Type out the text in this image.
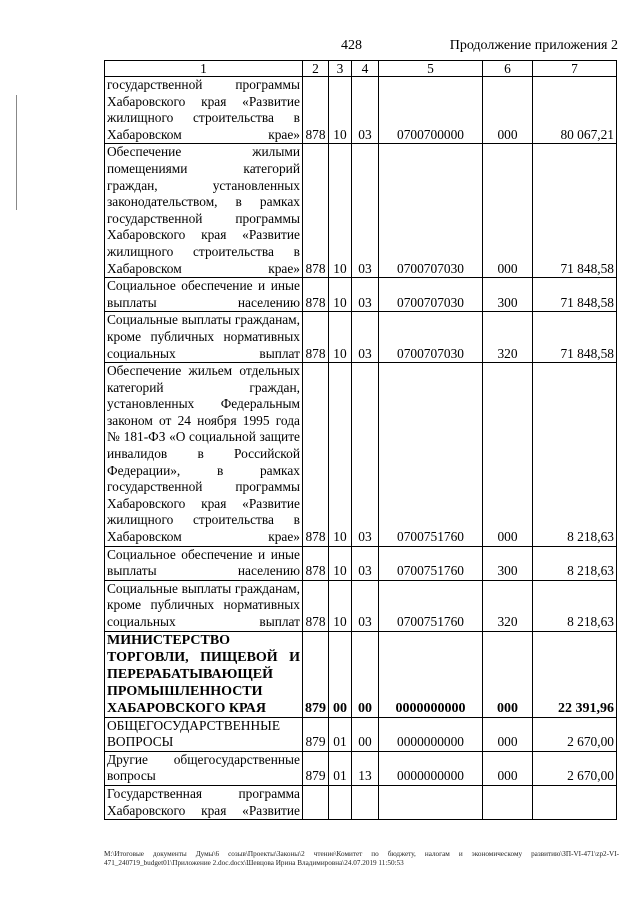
428	Продолжение приложения 2
1	2	3	4	5	6	7
государственной программы Хабаровского края «Развитие жилищного строительства в Хабаровском крае»	878	10	03	0700700000	000	80 067,21
Обеспечение жилыми помещениями категорий граждан, установленных законодательством, в рамках государственной программы Хабаровского края «Развитие жилищного строительства в Хабаровском крае»	878	10	03	0700707030	000	71 848,58
Социальное обеспечение и иные выплаты населению	878	10	03	0700707030	300	71 848,58
Социальные выплаты гражданам, кроме публичных нормативных социальных выплат	878	10	03	0700707030	320	71 848,58
Обеспечение жильем отдельных категорий граждан, установленных Федеральным законом от 24 ноября 1995 года № 181-ФЗ «О социальной защите инвалидов в Российской Федерации», в рамках государственной программы Хабаровского края «Развитие жилищного строительства в Хабаровском крае»	878	10	03	0700751760	000	8 218,63
Социальное обеспечение и иные выплаты населению	878	10	03	0700751760	300	8 218,63
Социальные выплаты гражданам, кроме публичных нормативных социальных выплат	878	10	03	0700751760	320	8 218,63
МИНИСТЕРСТВО ТОРГОВЛИ, ПИЩЕВОЙ И ПЕРЕРАБАТЫВАЮЩЕЙ ПРОМЫШЛЕННОСТИ ХАБАРОВСКОГО КРАЯ	879	00	00	0000000000	000	22 391,96
ОБЩЕГОСУДАРСТВЕННЫЕ ВОПРОСЫ	879	01	00	0000000000	000	2 670,00
Другие общегосударственные вопросы	879	01	13	0000000000	000	2 670,00
Государственная программа Хабаровского края «Развитие						
M:\Итоговые документы Думы\6 созыв\Проекты\Законы\2 чтение\Комитет по бюджету, налогам и экономическому развитию\ЗП-VI-471\zp2-VI-471_240719_budget01\Приложение 2.doc.docx\Шевцова Ирина Владимировна\24.07.2019 11:50:53
